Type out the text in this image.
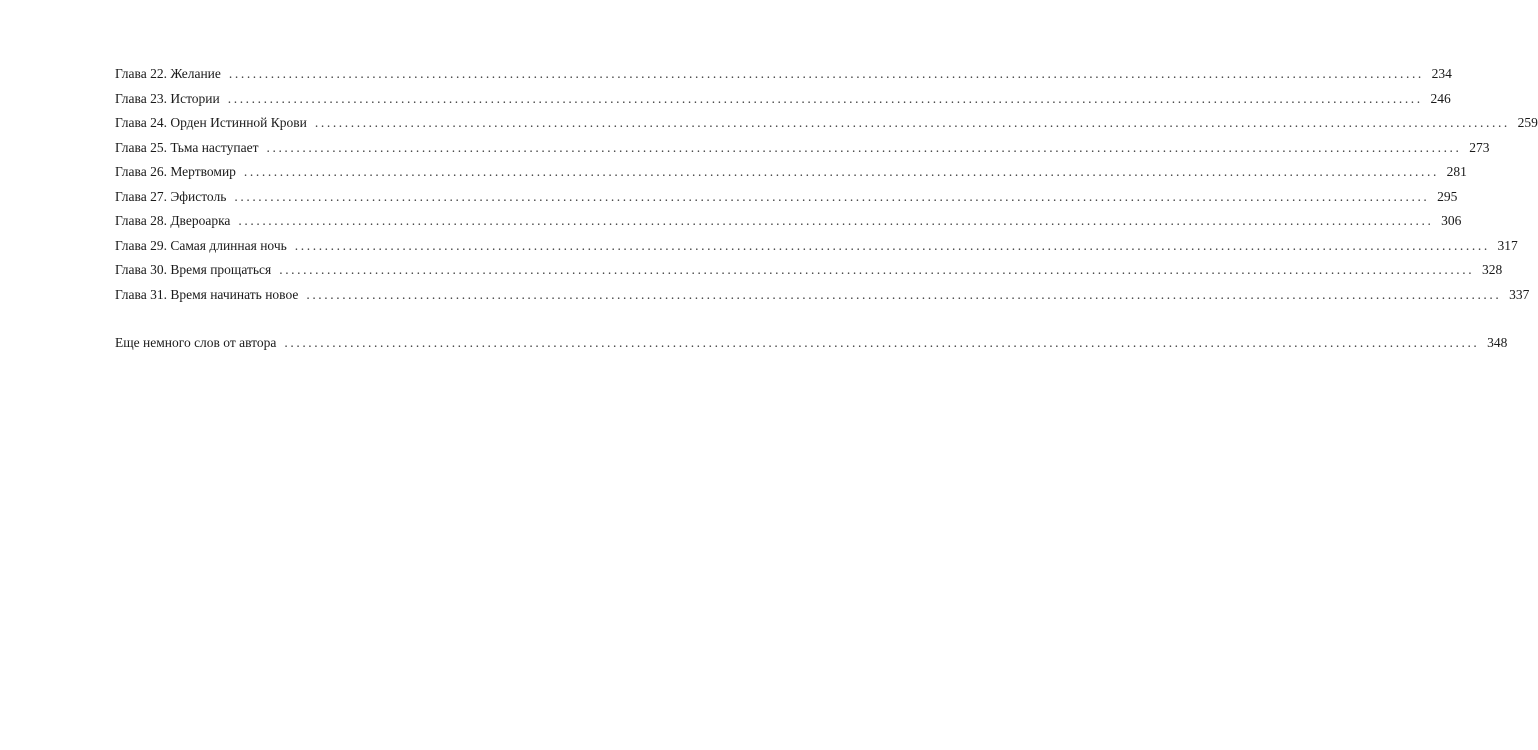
Глава 22. Желание ........................................................................................................................................................................................................ 234
Глава 23. Истории ........................................................................................................................................................................................................ 246
Глава 24. Орден Истинной Крови ........................................................................................................................................................................................................ 259
Глава 25. Тьма наступает ........................................................................................................................................................................................................ 273
Глава 26. Мертвомир ........................................................................................................................................................................................................ 281
Глава 27. Эфистоль ........................................................................................................................................................................................................ 295
Глава 28. Двероарка ........................................................................................................................................................................................................ 306
Глава 29. Самая длинная ночь ........................................................................................................................................................................................................ 317
Глава 30. Время прощаться ........................................................................................................................................................................................................ 328
Глава 31. Время начинать новое ........................................................................................................................................................................................................ 337
Еще немного слов от автора ........................................................................................................................................................................................................ 348
